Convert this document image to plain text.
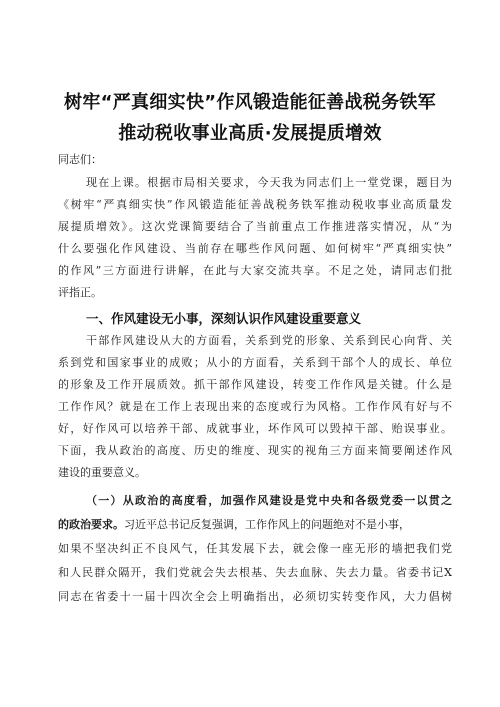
树牢“严真细实快”作风锻造能征善战税务铁军
推动税收事业高质·发展提质增效
同志们：
现在上课。根据市局相关要求，今天我为同志们上一堂党课，题目为
《树牢“严真细实快”作风锻造能征善战税务铁军推动税收事业高质量发
展提质增效》。这次党课简要结合了当前重点工作推进落实情况，从“为
什么要强化作风建设、当前存在哪些作风问题、如何树牢“严真细实快”
的作风”三方面进行讲解，在此与大家交流共享。不足之处，请同志们批
评指正。
一、作风建设无小事，深刻认识作风建设重要意义
干部作风建设从大的方面看，关系到党的形象、关系到民心向背、关
系到党和国家事业的成败；从小的方面看，关系到干部个人的成长、单位
的形象及工作开展质效。抓干部作风建设，转变工作作风是关键。什么是
工作作风？就是在工作上表现出来的态度或行为风格。工作作风有好与不
好，好作风可以培养干部、成就事业，坏作风可以毁掉干部、贻误事业。
下面，我从政治的高度、历史的维度、现实的视角三方面来简要阐述作风
建设的重要意义。
（一）从政治的高度看，加强作风建设是党中央和各级党委一以贯之
的政治要求。习近平总书记反复强调，工作作风上的问题绝对不是小事，
如果不坚决纠正不良风气，任其发展下去，就会像一座无形的墙把我们党
和人民群众隔开，我们党就会失去根基、失去血脉、失去力量。省委书记X
同志在省委十一届十四次全会上明确指出，必须切实转变作风，大力倡树
